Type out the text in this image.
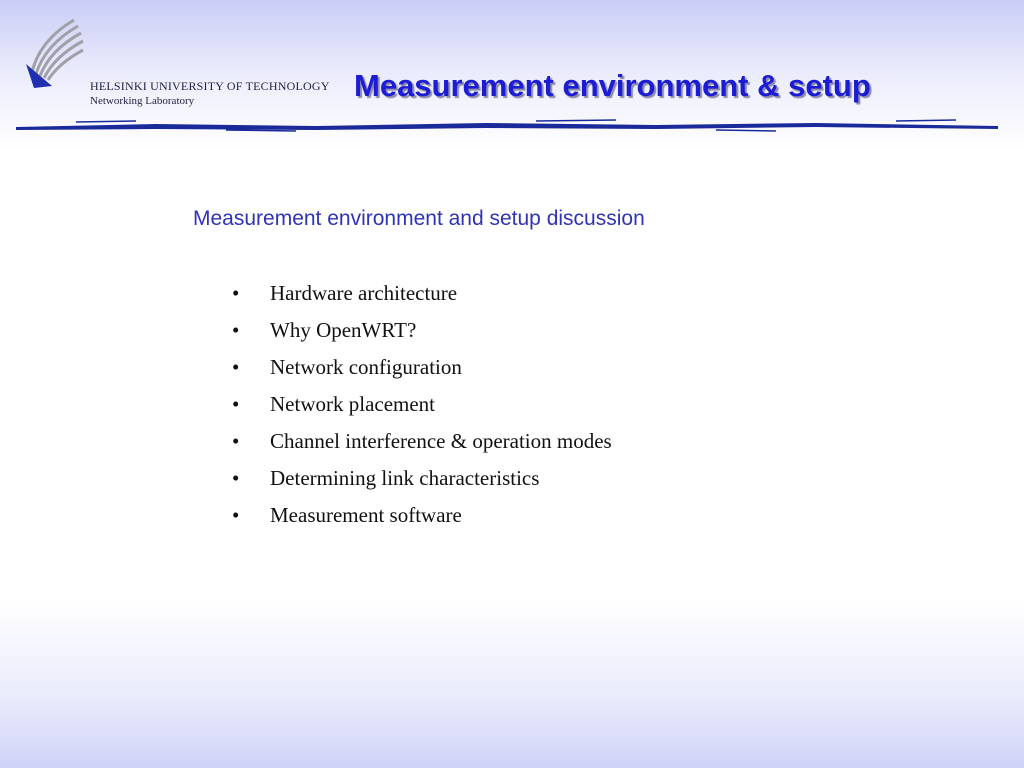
HELSINKI UNIVERSITY OF TECHNOLOGY
Networking Laboratory	Measurement environment & setup
Measurement environment and setup discussion
• Hardware architecture
• Why OpenWRT?
• Network configuration
• Network placement
• Channel interference & operation modes
• Determining link characteristics
• Measurement software
